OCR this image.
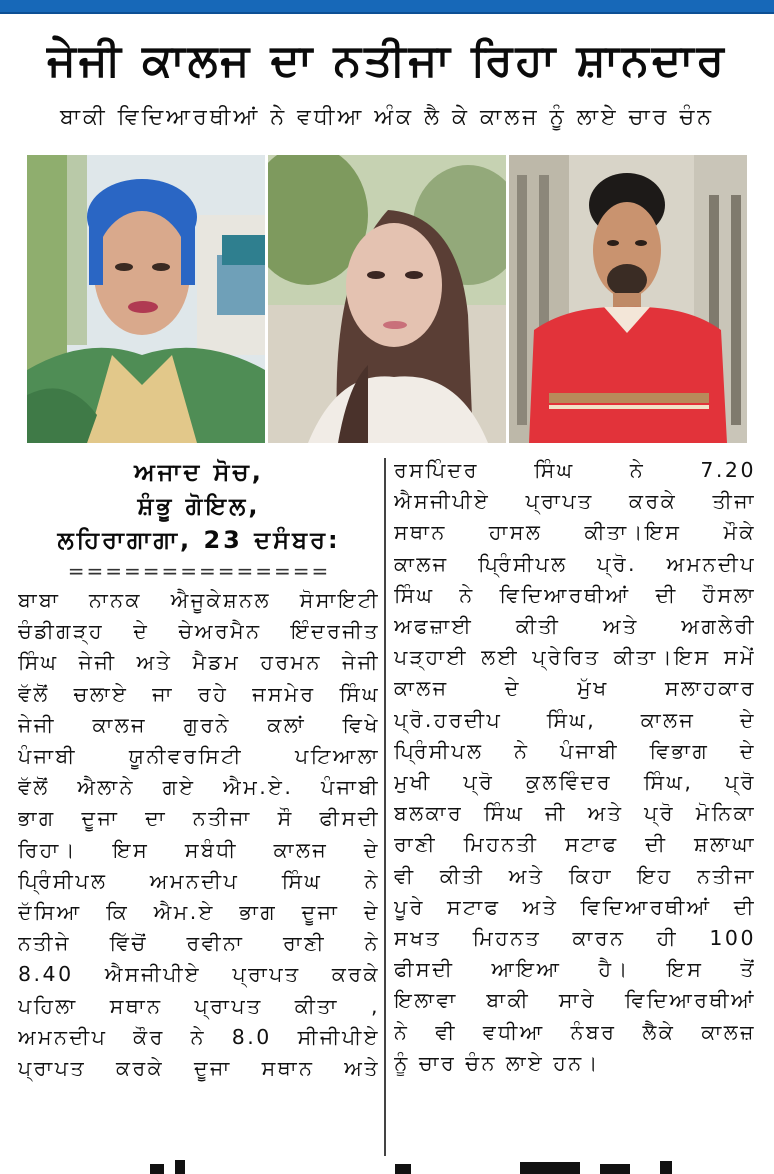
ਜੇਜੀ ਕਾਲਜ ਦਾ ਨਤੀਜਾ ਰਿਹਾ ਸ਼ਾਨਦਾਰ
ਬਾਕੀ ਵਿਦਿਆਰਥੀਆਂ ਨੇ ਵਧੀਆ ਅੰਕ ਲੈ ਕੇ ਕਾਲਜ ਨੂੰ ਲਾਏ ਚਾਰ ਚੰਨ
ਅਜਾਦ ਸੋਚ,
ਸ਼ੰਭੂ ਗੋਇਲ,
ਲਹਿਰਾਗਾਗਾ, 23 ਦਸੰਬਰ:
==============
ਬਾਬਾ ਨਾਨਕ ਐਜੂਕੇਸ਼ਨਲ ਸੋਸਾਇਟੀ
ਚੰਡੀਗੜ੍ਹ ਦੇ ਚੇਅਰਮੈਨ ਇੰਦਰਜੀਤ
ਸਿੰਘ ਜੇਜੀ ਅਤੇ ਮੈਡਮ ਹਰਮਨ ਜੇਜੀ
ਵੱਲੋਂ ਚਲਾਏ ਜਾ ਰਹੇ ਜਸਮੇਰ ਸਿੰਘ
ਜੇਜੀ ਕਾਲਜ ਗੁਰਨੇ ਕਲਾਂ ਵਿਖੇ
ਪੰਜਾਬੀ ਯੂਨੀਵਰਸਿਟੀ ਪਟਿਆਲਾ
ਵੱਲੋਂ ਐਲਾਨੇ ਗਏ ਐਮ.ਏ. ਪੰਜਾਬੀ
ਭਾਗ ਦੂਜਾ ਦਾ ਨਤੀਜਾ ਸੌ ਫੀਸਦੀ
ਰਿਹਾ। ਇਸ ਸਬੰਧੀ ਕਾਲਜ ਦੇ
ਪ੍ਰਿੰਸੀਪਲ ਅਮਨਦੀਪ ਸਿੰਘ ਨੇ
ਦੱਸਿਆ ਕਿ ਐਮ.ਏ ਭਾਗ ਦੂਜਾ ਦੇ
ਨਤੀਜੇ ਵਿੱਚੋਂ ਰਵੀਨਾ ਰਾਣੀ ਨੇ
8.40 ਐਸਜੀਪੀਏ ਪ੍ਰਾਪਤ ਕਰਕੇ
ਪਹਿਲਾ ਸਥਾਨ ਪ੍ਰਾਪਤ ਕੀਤਾ ,
ਅਮਨਦੀਪ ਕੌਰ ਨੇ 8.0 ਸੀਜੀਪੀਏ
ਪ੍ਰਾਪਤ ਕਰਕੇ ਦੂਜਾ ਸਥਾਨ ਅਤੇ
ਰਸਪਿੰਦਰ ਸਿੰਘ ਨੇ 7.20
ਐਸਜੀਪੀਏ ਪ੍ਰਾਪਤ ਕਰਕੇ ਤੀਜਾ
ਸਥਾਨ ਹਾਸਲ ਕੀਤਾ।ਇਸ ਮੌਕੇ
ਕਾਲਜ ਪ੍ਰਿੰਸੀਪਲ ਪ੍ਰੋ. ਅਮਨਦੀਪ
ਸਿੰਘ ਨੇ ਵਿਦਿਆਰਥੀਆਂ ਦੀ ਹੌਸਲਾ
ਅਫਜ਼ਾਈ ਕੀਤੀ ਅਤੇ ਅਗਲੇਰੀ
ਪੜ੍ਹਾਈ ਲਈ ਪ੍ਰੇਰਿਤ ਕੀਤਾ।ਇਸ ਸਮੇਂ
ਕਾਲਜ ਦੇ ਮੁੱਖ ਸਲਾਹਕਾਰ
ਪ੍ਰੋ.ਹਰਦੀਪ ਸਿੰਘ, ਕਾਲਜ ਦੇ
ਪ੍ਰਿੰਸੀਪਲ ਨੇ ਪੰਜਾਬੀ ਵਿਭਾਗ ਦੇ
ਮੁਖੀ ਪ੍ਰੋ ਕੁਲਵਿੰਦਰ ਸਿੰਘ, ਪ੍ਰੋ
ਬਲਕਾਰ ਸਿੰਘ ਜੀ ਅਤੇ ਪ੍ਰੋ ਮੋਨਿਕਾ
ਰਾਣੀ ਮਿਹਨਤੀ ਸਟਾਫ ਦੀ ਸ਼ਲਾਘਾ
ਵੀ ਕੀਤੀ ਅਤੇ ਕਿਹਾ ਇਹ ਨਤੀਜਾ
ਪੂਰੇ ਸਟਾਫ ਅਤੇ ਵਿਦਿਆਰਥੀਆਂ ਦੀ
ਸਖਤ ਮਿਹਨਤ ਕਾਰਨ ਹੀ 100
ਫੀਸਦੀ ਆਇਆ ਹੈ। ਇਸ ਤੋਂ
ਇਲਾਵਾ ਬਾਕੀ ਸਾਰੇ ਵਿਦਿਆਰਥੀਆਂ
ਨੇ ਵੀ ਵਧੀਆ ਨੰਬਰ ਲੈਕੇ ਕਾਲਜ਼
ਨੂੰ ਚਾਰ ਚੰਨ ਲਾਏ ਹਨ।
